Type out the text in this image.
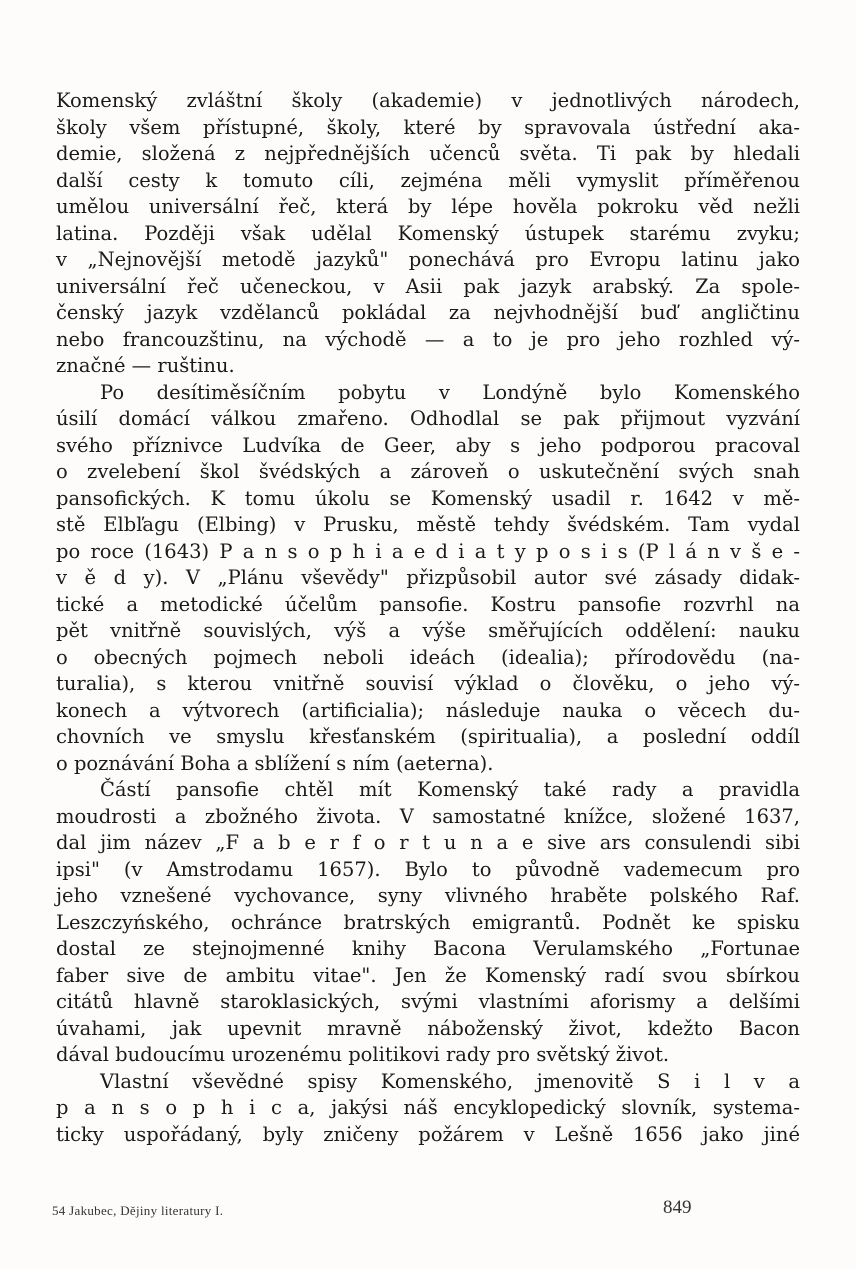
Komenský zvláštní školy (akademie) v jednotlivých národech,
školy všem přístupné, školy, které by spravovala ústřední aka-
demie, složená z nejpřednějších učenců světa. Ti pak by hledali
další cesty k tomuto cíli, zejména měli vymyslit příměřenou
umělou universální řeč, která by lépe hověla pokroku věd nežli
latina. Později však udělal Komenský ústupek starému zvyku;
v „Nejnovější metodě jazyků" ponechává pro Evropu latinu jako
universální řeč učeneckou, v Asii pak jazyk arabský. Za spole-
čenský jazyk vzdělanců pokládal za nejvhodnější buď angličtinu
nebo francouzštinu, na východě — a to je pro jeho rozhled vý-
značné — ruštinu.
Po desítiměsíčním pobytu v Londýně bylo Komenského
úsilí domácí válkou zmařeno. Odhodlal se pak přijmout vyzvání
svého příznivce Ludvíka de Geer, aby s jeho podporou pracoval
o zvelebení škol švédských a zároveň o uskutečnění svých snah
pansofických. K tomu úkolu se Komenský usadil r. 1642 v mě-
stě Elbľagu (Elbing) v Prusku, městě tehdy švédském. Tam vydal
po roce (1643) P a n s o p h i a e d i a t y p o s i s (P l á n v š e -
v ě d y). V „Plánu vševědy" přizpůsobil autor své zásady didak-
tické a metodické účelům pansofie. Kostru pansofie rozvrhl na
pět vnitřně souvislých, výš a výše směřujících oddělení: nauku
o obecných pojmech neboli ideách (idealia); přírodovědu (na-
turalia), s kterou vnitřně souvisí výklad o člověku, o jeho vý-
konech a výtvorech (artificialia); následuje nauka o věcech du-
chovních ve smyslu křesťanském (spiritualia), a poslední oddíl
o poznávání Boha a sblížení s ním (aeterna).
Částí pansofie chtěl mít Komenský také rady a pravidla
moudrosti a zbožného života. V samostatné knížce, složené 1637,
dal jim název „F a b e r f o r t u n a e sive ars consulendi sibi
ipsi" (v Amstrodamu 1657). Bylo to původně vademecum pro
jeho vznešené vychovance, syny vlivného hraběte polského Raf.
Leszczyńského, ochránce bratrských emigrantů. Podnět ke spisku
dostal ze stejnojmenné knihy Bacona Verulamského „Fortunae
faber sive de ambitu vitae". Jen že Komenský radí svou sbírkou
citátů hlavně staroklasických, svými vlastními aforismy a delšími
úvahami, jak upevnit mravně náboženský život, kdežto Bacon
dával budoucímu urozenému politikovi rady pro světský život.
Vlastní vševědné spisy Komenského, jmenovitě S i l v a
p a n s o p h i c a, jakýsi náš encyklopedický slovník, systema-
ticky uspořádaný, byly zničeny požárem v Lešně 1656 jako jiné
54 Jakubec, Dějiny literatury I.	849
